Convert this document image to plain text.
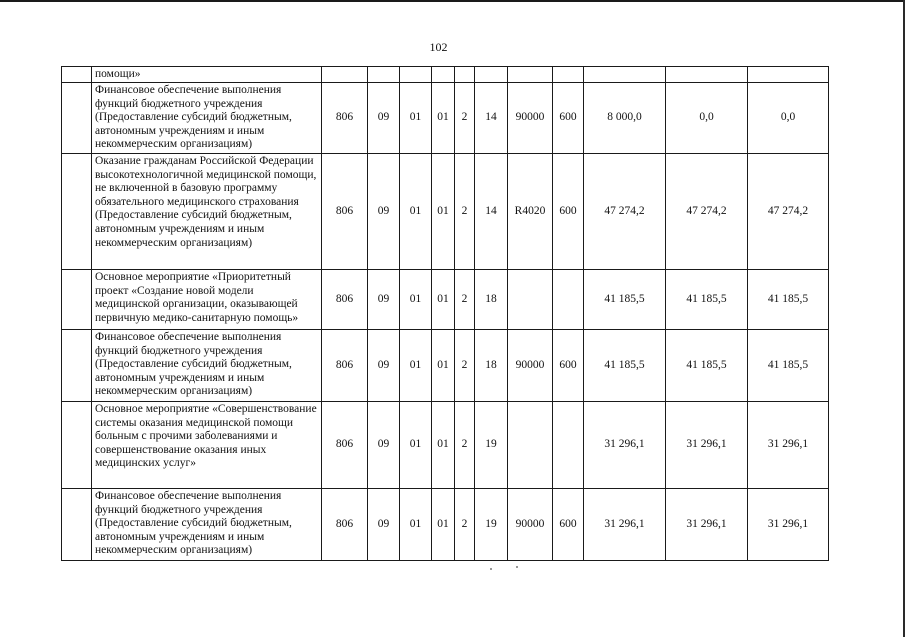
102
	помощи»											
	Финансовое обеспечение выполнения функций бюджетного учреждения (Предоставление субсидий бюджетным, автономным учреждениям и иным некоммерческим организациям)	806	09	01	01	2	14	90000	600	8 000,0	0,0	0,0
	Оказание гражданам Российской Федерации высокотехнологичной медицинской помощи, не включенной в базовую программу обязательного медицинского страхования (Предоставление субсидий бюджетным, автономным учреждениям и иным некоммерческим организациям)	806	09	01	01	2	14	R4020	600	47 274,2	47 274,2	47 274,2
	Основное мероприятие «Приоритетный проект «Создание новой модели медицинской организации, оказывающей первичную медико-санитарную помощь»	806	09	01	01	2	18			41 185,5	41 185,5	41 185,5
	Финансовое обеспечение выполнения функций бюджетного учреждения (Предоставление субсидий бюджетным, автономным учреждениям и иным некоммерческим организациям)	806	09	01	01	2	18	90000	600	41 185,5	41 185,5	41 185,5
	Основное мероприятие «Совершенствование системы оказания медицинской помощи больным с прочими заболеваниями и совершенствование оказания иных медицинских услуг»	806	09	01	01	2	19			31 296,1	31 296,1	31 296,1
	Финансовое обеспечение выполнения функций бюджетного учреждения (Предоставление субсидий бюджетным, автономным учреждениям и иным некоммерческим организациям)	806	09	01	01	2	19	90000	600	31 296,1	31 296,1	31 296,1
